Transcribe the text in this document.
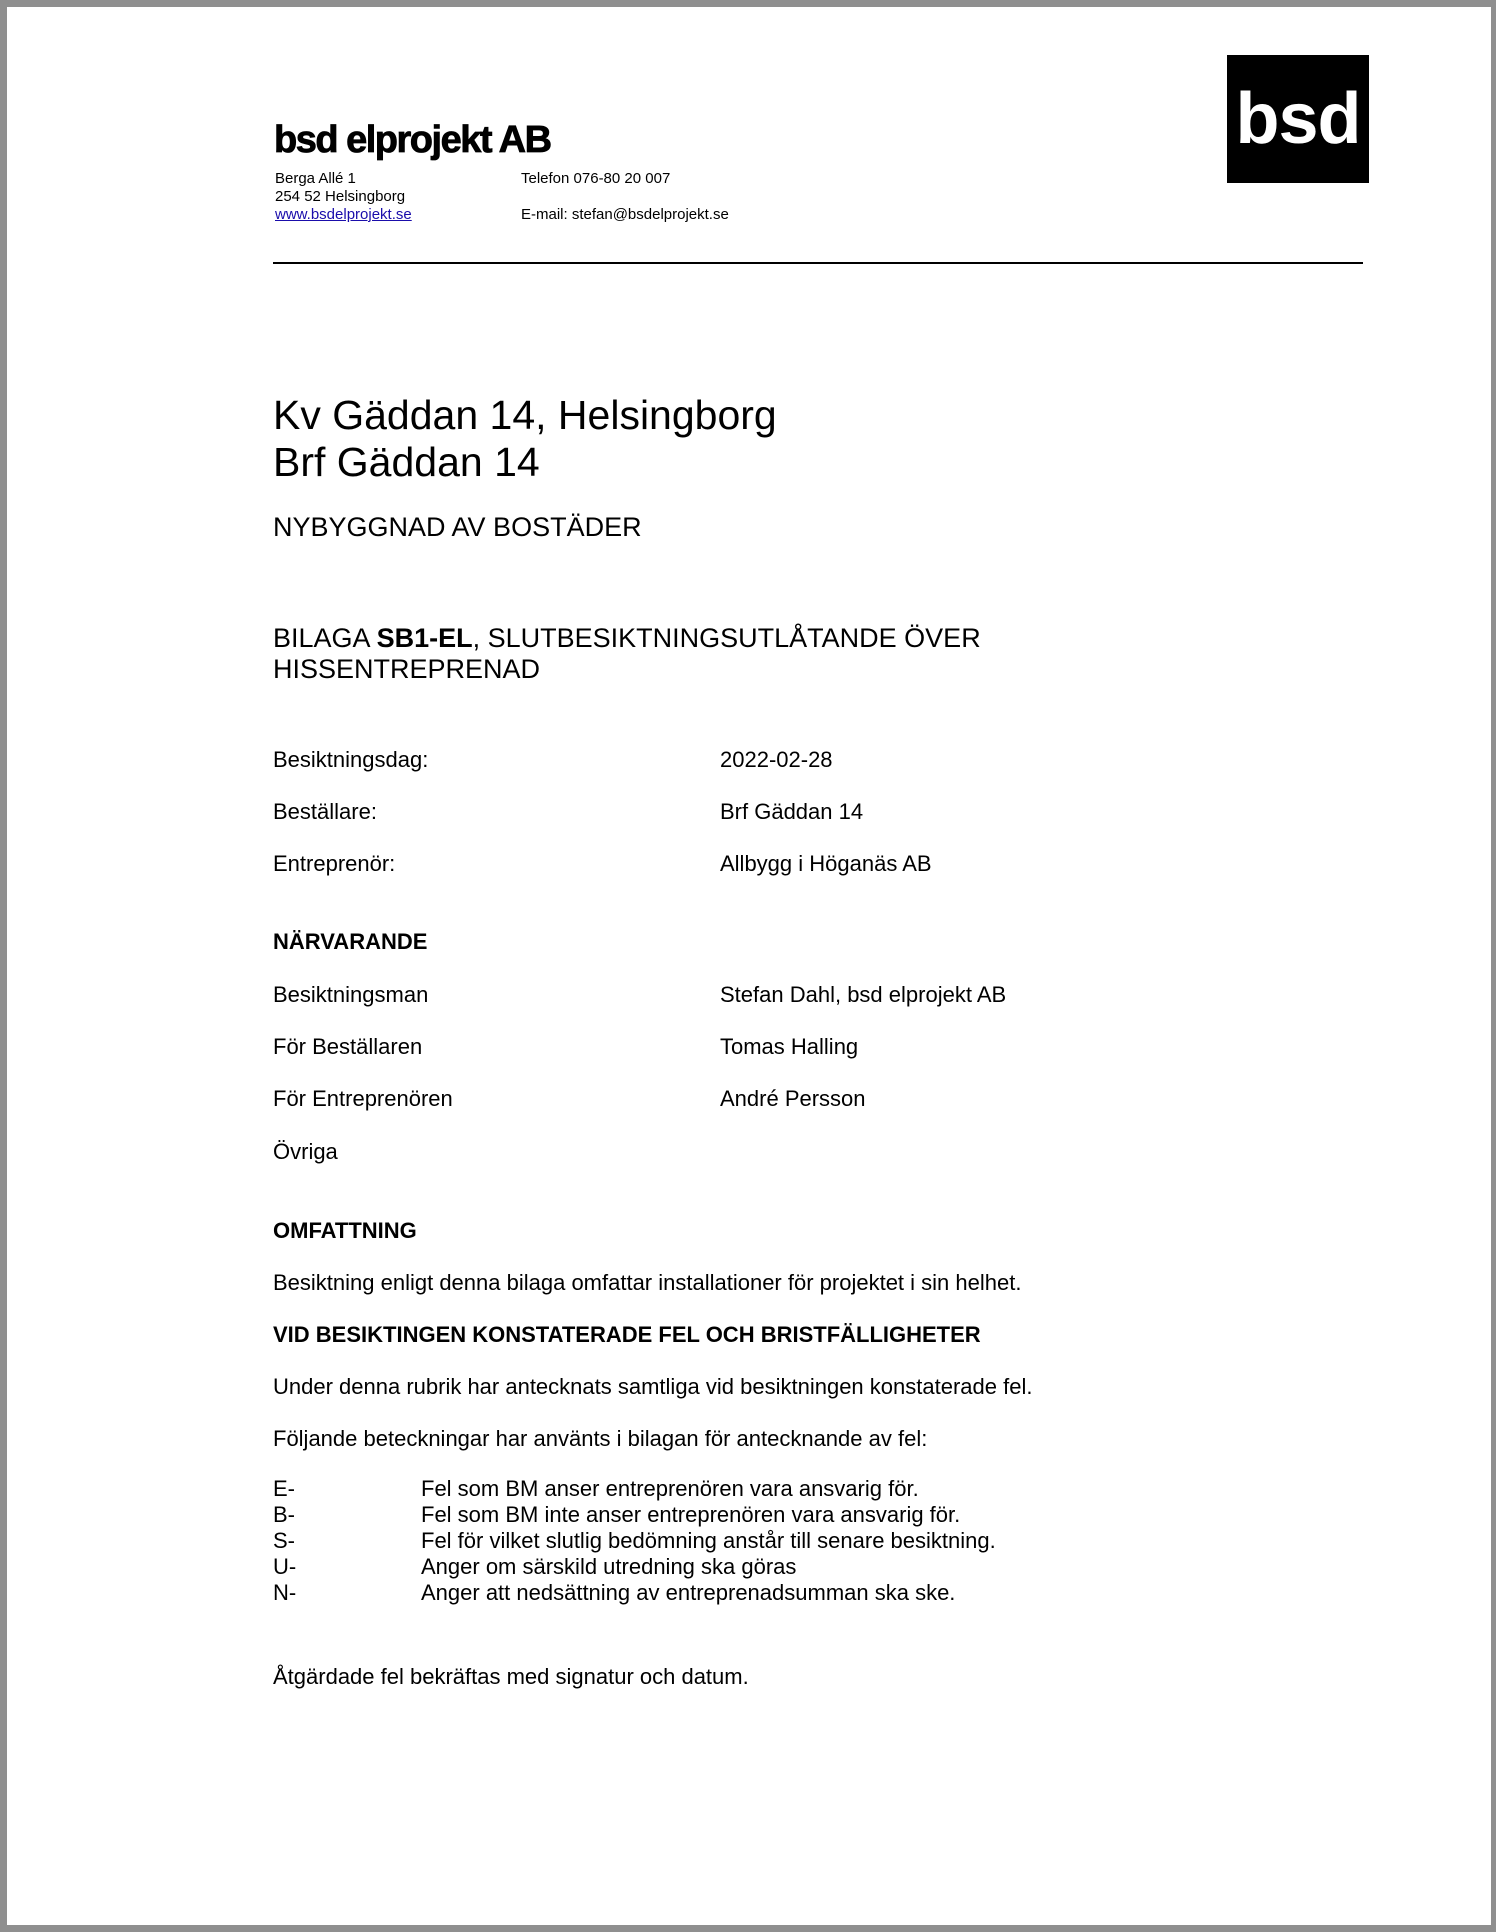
bsd elprojekt AB
Berga Allé 1
254 52 Helsingborg
www.bsdelprojekt.se
Telefon 076-80 20 007
E-mail: stefan@bsdelprojekt.se
bsd
Kv Gäddan 14, Helsingborg
Brf Gäddan 14
NYBYGGNAD AV BOSTÄDER
BILAGA SB1-EL, SLUTBESIKTNINGSUTLÅTANDE ÖVER
HISSENTREPRENAD
Besiktningsdag:	2022-02-28
Beställare:	Brf Gäddan 14
Entreprenör:	Allbygg i Höganäs AB
NÄRVARANDE
Besiktningsman	Stefan Dahl, bsd elprojekt AB
För Beställaren	Tomas Halling
För Entreprenören	André Persson
Övriga
OMFATTNING
Besiktning enligt denna bilaga omfattar installationer för projektet i sin helhet.
VID BESIKTINGEN KONSTATERADE FEL OCH BRISTFÄLLIGHETER
Under denna rubrik har antecknats samtliga vid besiktningen konstaterade fel.
Följande beteckningar har använts i bilagan för antecknande av fel:
E-	Fel som BM anser entreprenören vara ansvarig för.
B-	Fel som BM inte anser entreprenören vara ansvarig för.
S-	Fel för vilket slutlig bedömning anstår till senare besiktning.
U-	Anger om särskild utredning ska göras
N-	Anger att nedsättning av entreprenadsumman ska ske.
Åtgärdade fel bekräftas med signatur och datum.
